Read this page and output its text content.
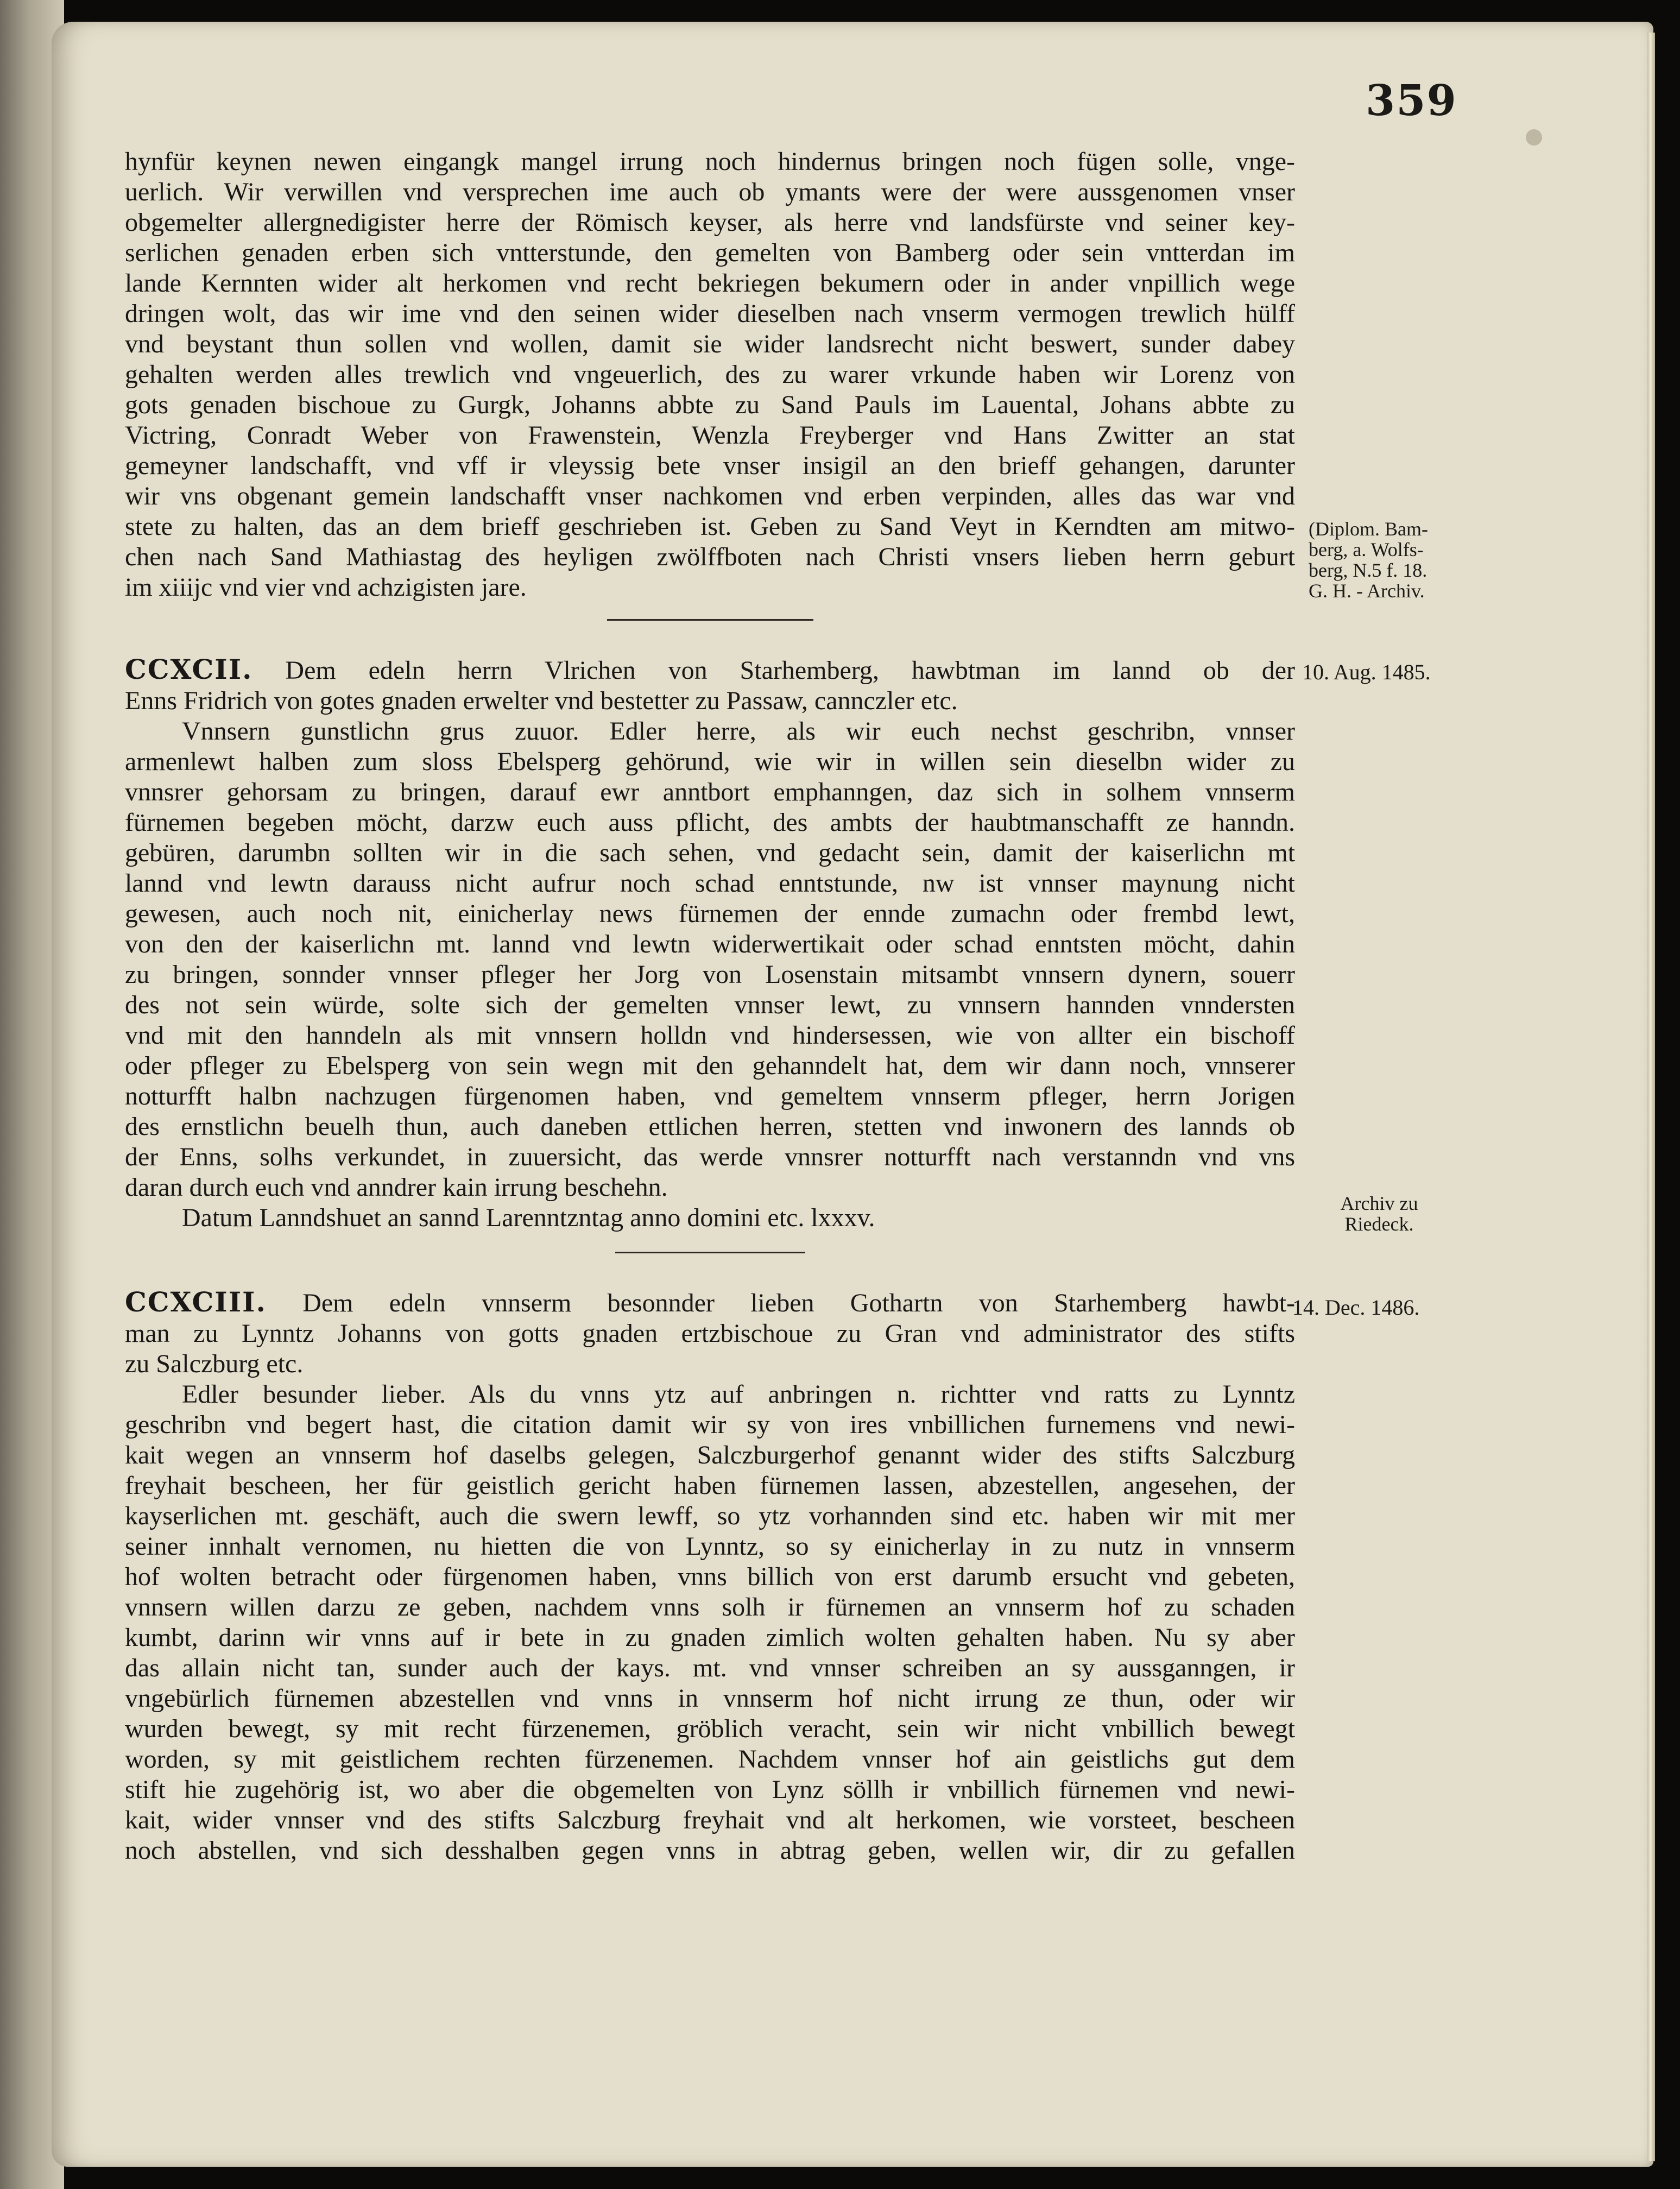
359
hynfür keynen newen eingangk mangel irrung noch hindernus bringen noch fügen solle, vnge-
uerlich. Wir verwillen vnd versprechen ime auch ob ymants were der were aussgenomen vnser
obgemelter allergnedigister herre der Römisch keyser, als herre vnd landsfürste vnd seiner key-
serlichen genaden erben sich vntterstunde, den gemelten von Bamberg oder sein vntterdan im
lande Kernnten wider alt herkomen vnd recht bekriegen bekumern oder in ander vnpillich wege
dringen wolt, das wir ime vnd den seinen wider dieselben nach vnserm vermogen trewlich hülff
vnd beystant thun sollen vnd wollen, damit sie wider landsrecht nicht beswert, sunder dabey
gehalten werden alles trewlich vnd vngeuerlich, des zu warer vrkunde haben wir Lorenz von
gots genaden bischoue zu Gurgk, Johanns abbte zu Sand Pauls im Lauental, Johans abbte zu
Victring, Conradt Weber von Frawenstein, Wenzla Freyberger vnd Hans Zwitter an stat
gemeyner landschafft, vnd vff ir vleyssig bete vnser insigil an den brieff gehangen, darunter
wir vns obgenant gemein landschafft vnser nachkomen vnd erben verpinden, alles das war vnd
stete zu halten, das an dem brieff geschrieben ist. Geben zu Sand Veyt in Kerndten am mitwo-
chen nach Sand Mathiastag des heyligen zwölffboten nach Christi vnsers lieben herrn geburt
im xiiijc vnd vier vnd achzigisten jare.
CCXCII. Dem edeln herrn Vlrichen von Starhemberg, hawbtman im lannd ob der
Enns Fridrich von gotes gnaden erwelter vnd bestetter zu Passaw, cannczler etc.
Vnnsern gunstlichn grus zuuor. Edler herre, als wir euch nechst geschribn, vnnser
armenlewt halben zum sloss Ebelsperg gehörund, wie wir in willen sein dieselbn wider zu
vnnsrer gehorsam zu bringen, darauf ewr anntbort emphanngen, daz sich in solhem vnnserm
fürnemen begeben möcht, darzw euch auss pflicht, des ambts der haubtmanschafft ze hanndn.
gebüren, darumbn sollten wir in die sach sehen, vnd gedacht sein, damit der kaiserlichn mt
lannd vnd lewtn darauss nicht aufrur noch schad enntstunde, nw ist vnnser maynung nicht
gewesen, auch noch nit, einicherlay news fürnemen der ennde zumachn oder frembd lewt,
von den der kaiserlichn mt. lannd vnd lewtn widerwertikait oder schad enntsten möcht, dahin
zu bringen, sonnder vnnser pfleger her Jorg von Losenstain mitsambt vnnsern dynern, souerr
des not sein würde, solte sich der gemelten vnnser lewt, zu vnnsern hannden vnndersten
vnd mit den hanndeln als mit vnnsern holldn vnd hindersessen, wie von allter ein bischoff
oder pfleger zu Ebelsperg von sein wegn mit den gehanndelt hat, dem wir dann noch, vnnserer
notturfft halbn nachzugen fürgenomen haben, vnd gemeltem vnnserm pfleger, herrn Jorigen
des ernstlichn beuelh thun, auch daneben ettlichen herren, stetten vnd inwonern des lannds ob
der Enns, solhs verkundet, in zuuersicht, das werde vnnsrer notturfft nach verstanndn vnd vns
daran durch euch vnd anndrer kain irrung beschehn.
Datum Lanndshuet an sannd Larenntzntag anno domini etc. lxxxv.
CCXCIII. Dem edeln vnnserm besonnder lieben Gothartn von Starhemberg hawbt-
man zu Lynntz Johanns von gotts gnaden ertzbischoue zu Gran vnd administrator des stifts
zu Salczburg etc.
Edler besunder lieber. Als du vnns ytz auf anbringen n. richtter vnd ratts zu Lynntz
geschribn vnd begert hast, die citation damit wir sy von ires vnbillichen furnemens vnd newi-
kait wegen an vnnserm hof daselbs gelegen, Salczburgerhof genannt wider des stifts Salczburg
freyhait bescheen, her für geistlich gericht haben fürnemen lassen, abzestellen, angesehen, der
kayserlichen mt. geschäft, auch die swern lewff, so ytz vorhannden sind etc. haben wir mit mer
seiner innhalt vernomen, nu hietten die von Lynntz, so sy einicherlay in zu nutz in vnnserm
hof wolten betracht oder fürgenomen haben, vnns billich von erst darumb ersucht vnd gebeten,
vnnsern willen darzu ze geben, nachdem vnns solh ir fürnemen an vnnserm hof zu schaden
kumbt, darinn wir vnns auf ir bete in zu gnaden zimlich wolten gehalten haben. Nu sy aber
das allain nicht tan, sunder auch der kays. mt. vnd vnnser schreiben an sy aussganngen, ir
vngebürlich fürnemen abzestellen vnd vnns in vnnserm hof nicht irrung ze thun, oder wir
wurden bewegt, sy mit recht fürzenemen, gröblich veracht, sein wir nicht vnbillich bewegt
worden, sy mit geistlichem rechten fürzenemen. Nachdem vnnser hof ain geistlichs gut dem
stift hie zugehörig ist, wo aber die obgemelten von Lynz söllh ir vnbillich fürnemen vnd newi-
kait, wider vnnser vnd des stifts Salczburg freyhait vnd alt herkomen, wie vorsteet, bescheen
noch abstellen, vnd sich desshalben gegen vnns in abtrag geben, wellen wir, dir zu gefallen
(Diplom. Bam-
berg, a. Wolfs-
berg, N.5 f. 18.
G. H. - Archiv.
10. Aug. 1485.
Archiv zu
Riedeck.
14. Dec. 1486.
